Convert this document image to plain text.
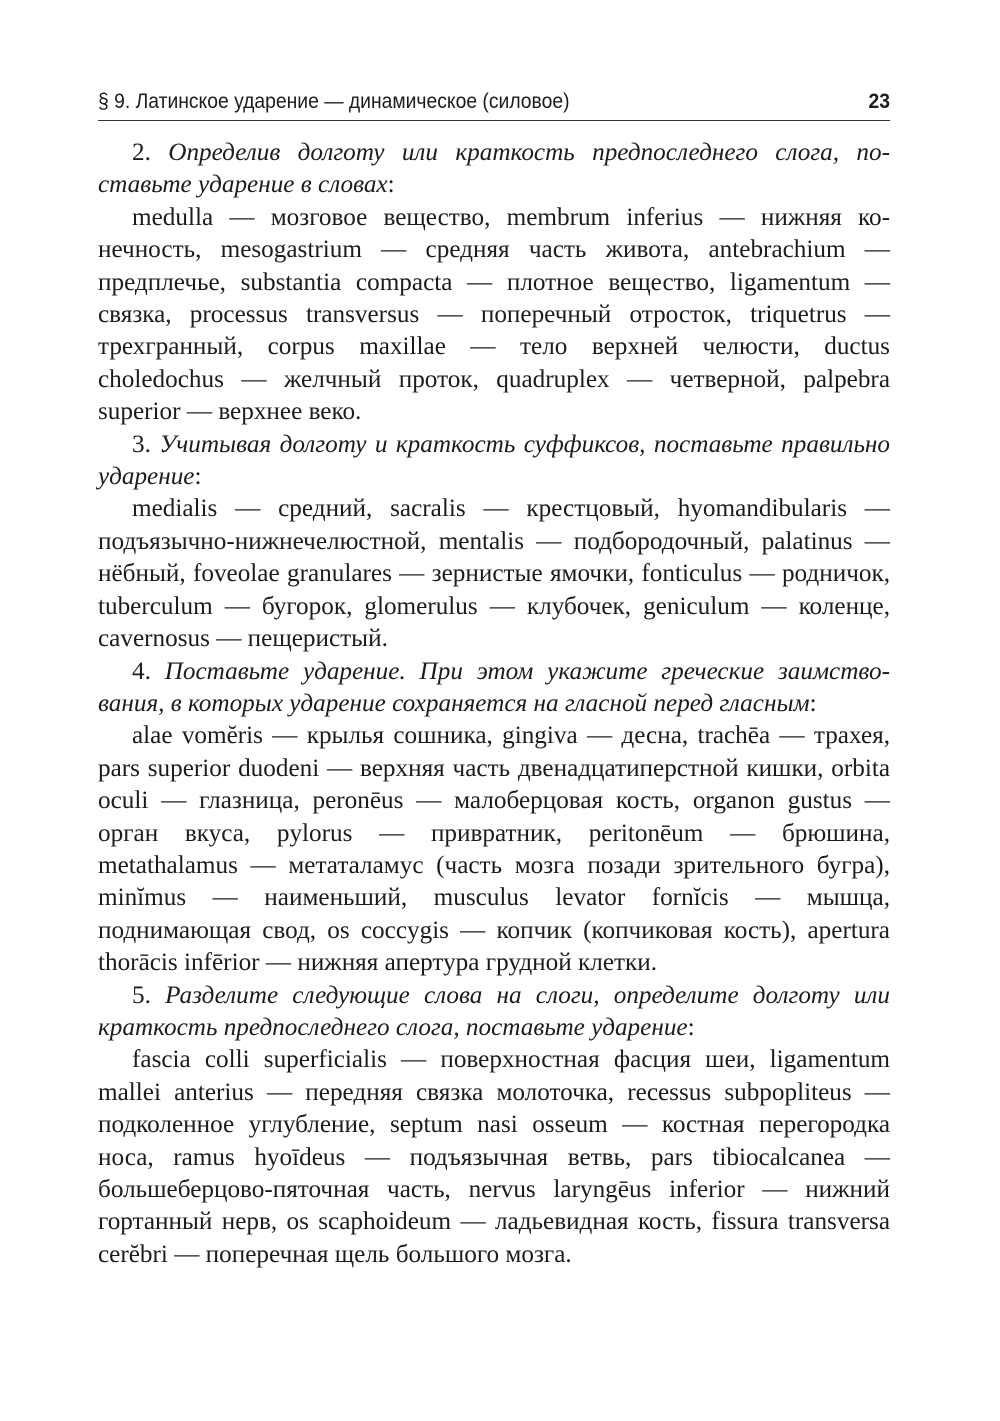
§ 9. Латинское ударение — динамическое (силовое)	23

2. Определив долготу или краткость предпоследнего слога, поставьте ударение в словах:

medulla — мозговое вещество, membrum inferius — нижняя конечность, mesogastrium — средняя часть живота, antebrachium — предплечье, substantia compacta — плотное вещество, ligamentum — связка, processus transversus — поперечный отросток, triquetrus — трехгранный, corpus maxillae — тело верхней челюсти, ductus choledochus — желчный проток, quadruplex — четверной, palpebra superior — верхнее веко.

3. Учитывая долготу и краткость суффиксов, поставьте правильно ударение:

medialis — средний, sacralis — крестцовый, hyomandibularis — подъязычно-нижнечелюстной, mentalis — подбородочный, palatinus — нёбный, foveolae granulares — зернистые ямочки, fonticulus — родничок, tuberculum — бугорок, glomerulus — клубочек, geniculum — коленце, cavernosus — пещеристый.

4. Поставьте ударение. При этом укажите греческие заимствования, в которых ударение сохраняется на гласной перед гласным:

alae vomĕris — крылья сошника, gingiva — десна, trachēa — трахея, pars superior duodeni — верхняя часть двенадцатиперстной кишки, orbita oculi — глазница, peronēus — малоберцовая кость, organon gustus — орган вкуса, pylorus — привратник, peritonēum — брюшина, metathalamus — метаталамус (часть мозга позади зрительного бугра), minĭmus — наименьший, musculus levator fornĭcis — мышца, поднимающая свод, os coccygis — копчик (копчиковая кость), apertura thorācis infērior — нижняя апертура грудной клетки.

5. Разделите следующие слова на слоги, определите долготу или краткость предпоследнего слога, поставьте ударение:

fascia colli superficialis — поверхностная фасция шеи, ligamentum mallei anterius — передняя связка молоточка, recessus subpopliteus — подколенное углубление, septum nasi osseum — костная перегородка носа, ramus hyoīdeus — подъязычная ветвь, pars tibiocalcanea — большеберцово-пяточная часть, nervus laryngēus inferior — нижний гортанный нерв, os scaphoideum — ладьевидная кость, fissura transversa cerĕbri — поперечная щель большого мозга.
